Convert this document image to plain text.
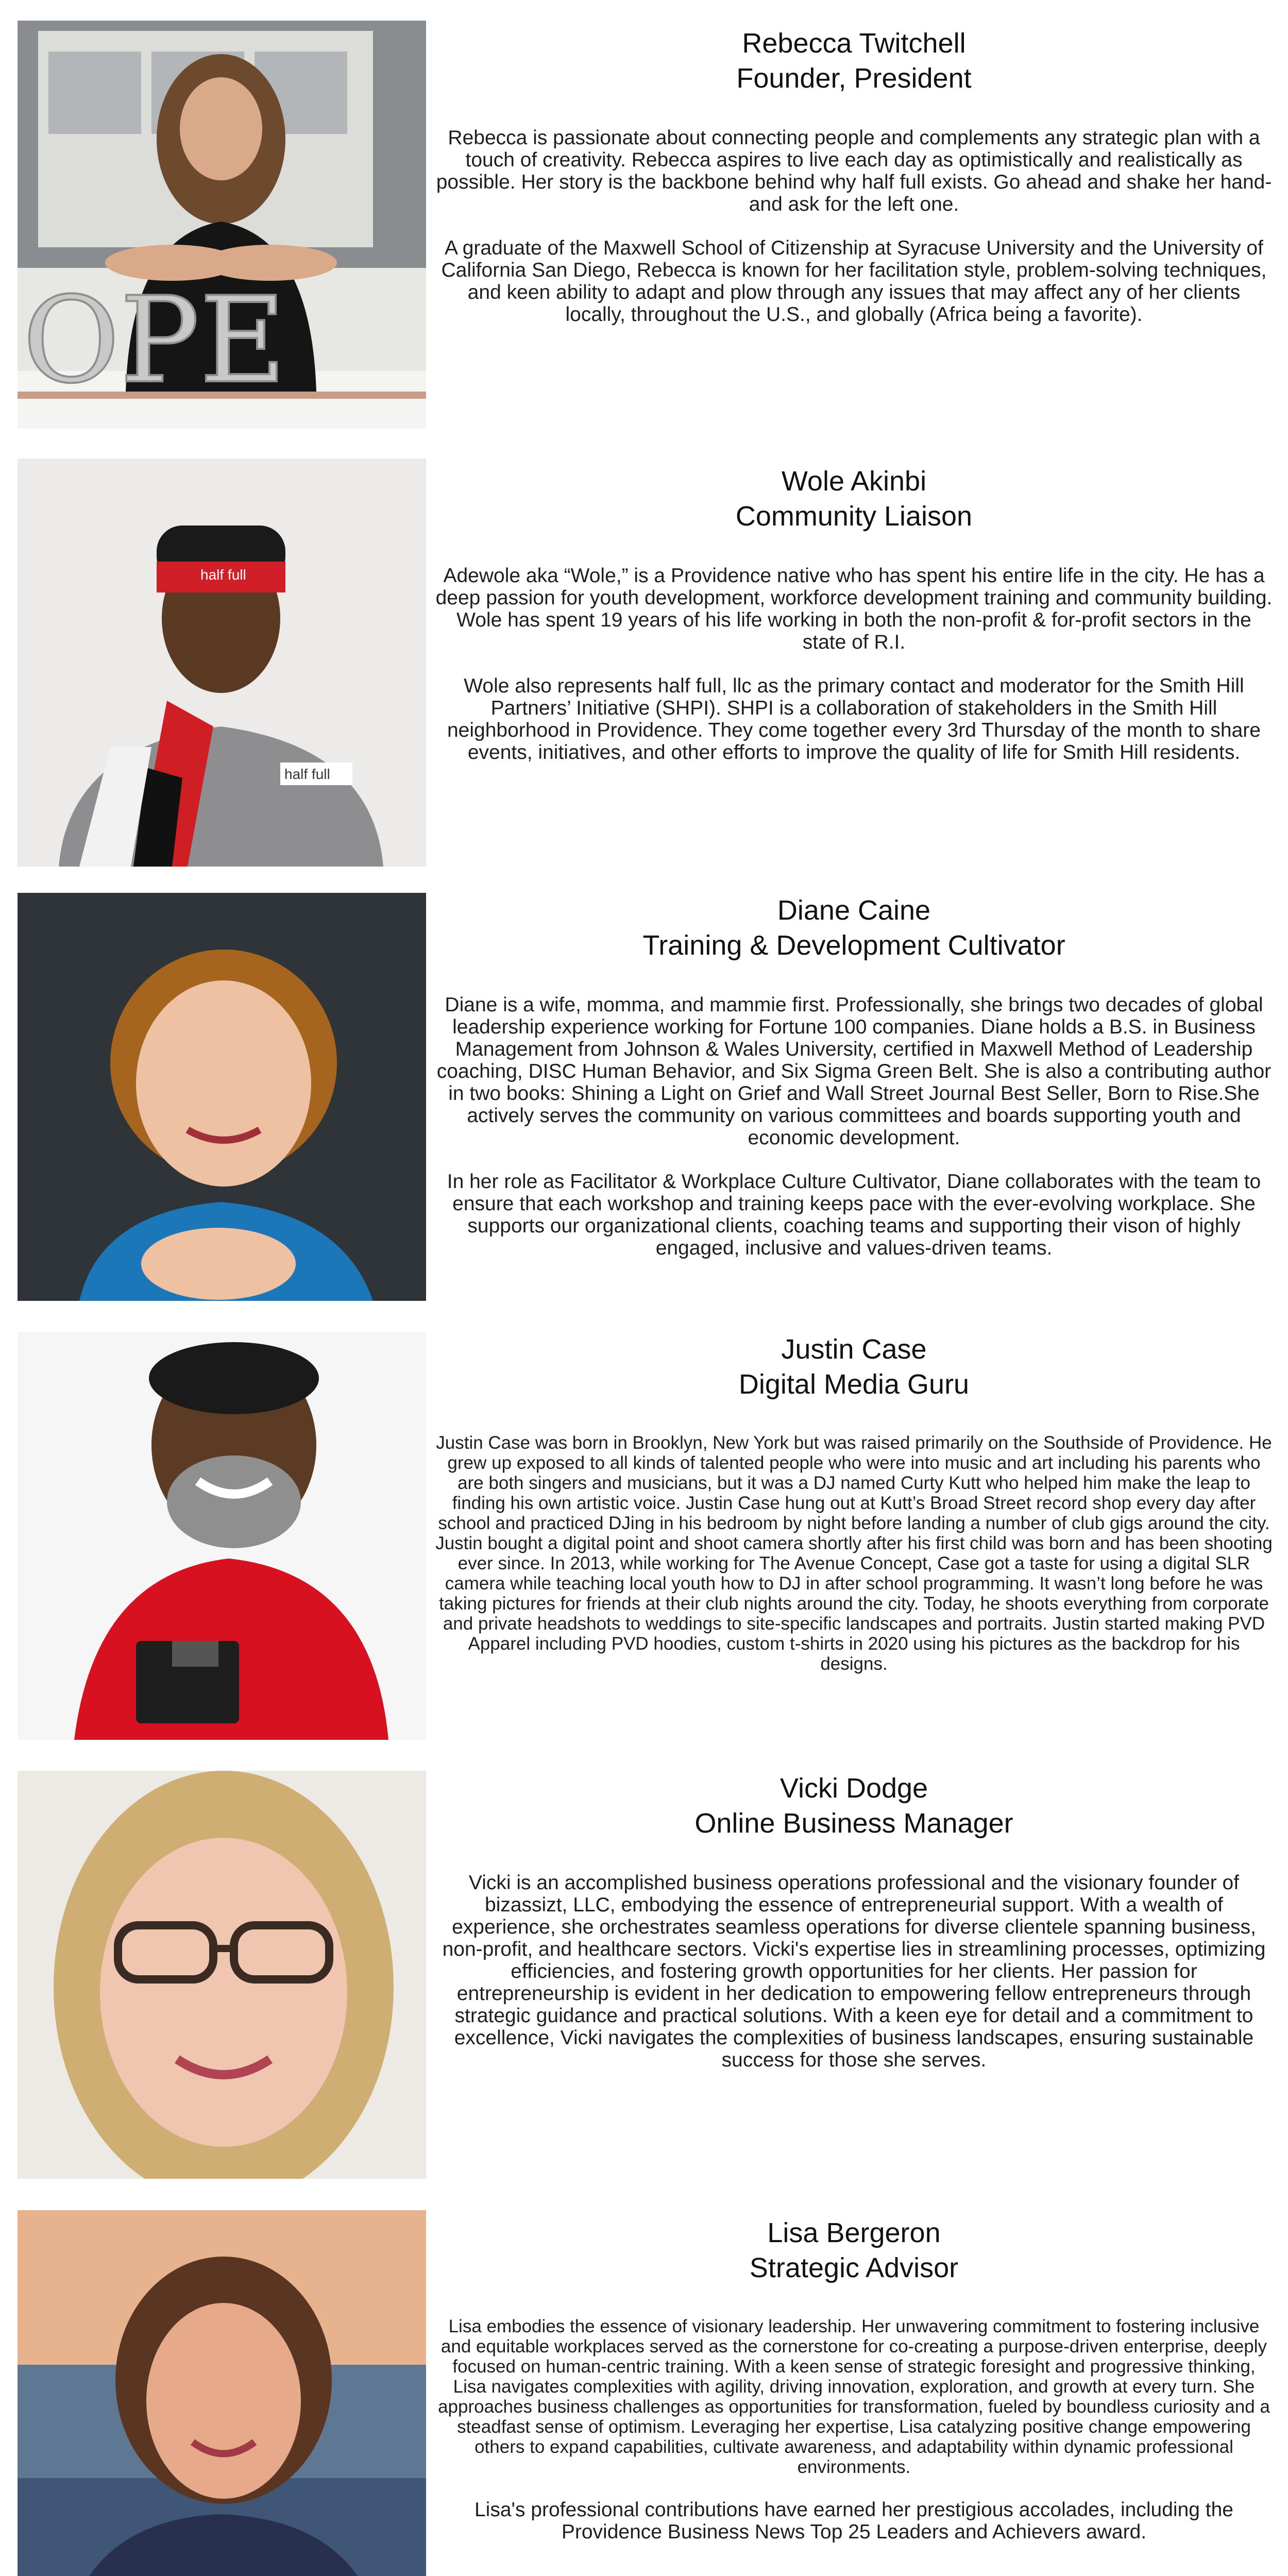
OPE
Rebecca Twitchell
Founder, President

Rebecca is passionate about connecting people and complements any strategic plan with a touch of creativity. Rebecca aspires to live each day as optimistically and realistically as possible. Her story is the backbone behind why half full exists. Go ahead and shake her hand- and ask for the left one.

A graduate of the Maxwell School of Citizenship at Syracuse University and the University of California San Diego, Rebecca is known for her facilitation style, problem-solving techniques, and keen ability to adapt and plow through any issues that may affect any of her clients locally, throughout the U.S., and globally (Africa being a favorite).

half full
half full
Wole Akinbi
Community Liaison

Adewole aka “Wole,” is a Providence native who has spent his entire life in the city. He has a deep passion for youth development, workforce development training and community building. Wole has spent 19 years of his life working in both the non-profit & for-profit sectors in the state of R.I.

Wole also represents half full, llc as the primary contact and moderator for the Smith Hill Partners’ Initiative (SHPI). SHPI is a collaboration of stakeholders in the Smith Hill neighborhood in Providence. They come together every 3rd Thursday of the month to share events, initiatives, and other efforts to improve the quality of life for Smith Hill residents.

Diane Caine
Training & Development Cultivator

Diane is a wife, momma, and mammie first. Professionally, she brings two decades of global leadership experience working for Fortune 100 companies. Diane holds a B.S. in Business Management from Johnson & Wales University, certified in Maxwell Method of Leadership coaching, DISC Human Behavior, and Six Sigma Green Belt. She is also a contributing author in two books: Shining a Light on Grief and Wall Street Journal Best Seller, Born to Rise.She actively serves the community on various committees and boards supporting youth and economic development.

In her role as Facilitator & Workplace Culture Cultivator, Diane collaborates with the team to ensure that each workshop and training keeps pace with the ever-evolving workplace. She supports our organizational clients, coaching teams and supporting their vison of highly engaged, inclusive and values-driven teams.

Justin Case
Digital Media Guru

Justin Case was born in Brooklyn, New York but was raised primarily on the Southside of Providence. He grew up exposed to all kinds of talented people who were into music and art including his parents who are both singers and musicians, but it was a DJ named Curty Kutt who helped him make the leap to finding his own artistic voice. Justin Case hung out at Kutt’s Broad Street record shop every day after school and practiced DJing in his bedroom by night before landing a number of club gigs around the city. Justin bought a digital point and shoot camera shortly after his first child was born and has been shooting ever since. In 2013, while working for The Avenue Concept, Case got a taste for using a digital SLR camera while teaching local youth how to DJ in after school programming. It wasn’t long before he was taking pictures for friends at their club nights around the city. Today, he shoots everything from corporate and private headshots to weddings to site-specific landscapes and portraits. Justin started making PVD Apparel including PVD hoodies, custom t-shirts in 2020 using his pictures as the backdrop for his designs.

Vicki Dodge
Online Business Manager

Vicki is an accomplished business operations professional and the visionary founder of bizassizt, LLC, embodying the essence of entrepreneurial support. With a wealth of experience, she orchestrates seamless operations for diverse clientele spanning business, non-profit, and healthcare sectors. Vicki's expertise lies in streamlining processes, optimizing efficiencies, and fostering growth opportunities for her clients. Her passion for entrepreneurship is evident in her dedication to empowering fellow entrepreneurs through strategic guidance and practical solutions. With a keen eye for detail and a commitment to excellence, Vicki navigates the complexities of business landscapes, ensuring sustainable success for those she serves.

Lisa Bergeron
Strategic Advisor

Lisa embodies the essence of visionary leadership. Her unwavering commitment to fostering inclusive and equitable workplaces served as the cornerstone for co-creating a purpose-driven enterprise, deeply focused on human-centric training. With a keen sense of strategic foresight and progressive thinking, Lisa navigates complexities with agility, driving innovation, exploration, and growth at every turn. She approaches business challenges as opportunities for transformation, fueled by boundless curiosity and a steadfast sense of optimism. Leveraging her expertise, Lisa catalyzing positive change empowering others to expand capabilities, cultivate awareness, and adaptability within dynamic professional environments.

Lisa's professional contributions have earned her prestigious accolades, including the Providence Business News Top 25 Leaders and Achievers award.
